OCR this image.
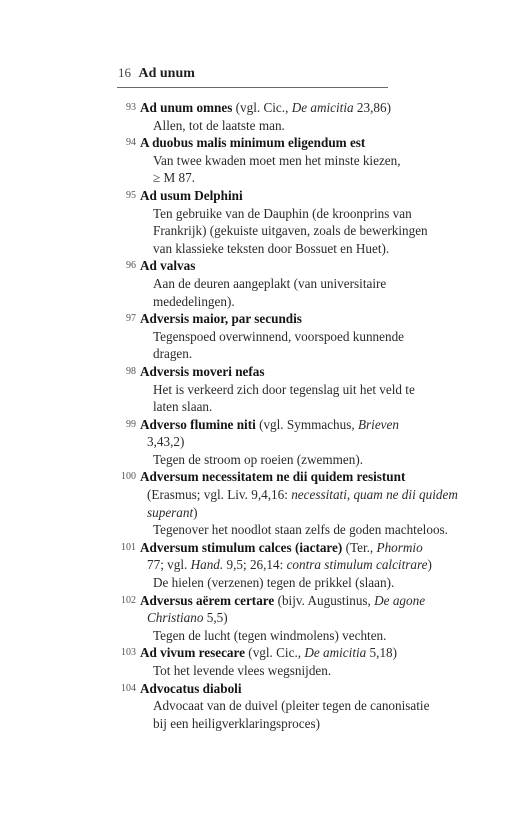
16 Ad unum
93 Ad unum omnes (vgl. Cic., De amicitia 23,86)
Allen, tot de laatste man.
94 A duobus malis minimum eligendum est
Van twee kwaden moet men het minste kiezen,
≥ M 87.
95 Ad usum Delphini
Ten gebruike van de Dauphin (de kroonprins van
Frankrijk) (gekuiste uitgaven, zoals de bewerkingen
van klassieke teksten door Bossuet en Huet).
96 Ad valvas
Aan de deuren aangeplakt (van universitaire
mededelingen).
97 Adversis maior, par secundis
Tegenspoed overwinnend, voorspoed kunnende
dragen.
98 Adversis moveri nefas
Het is verkeerd zich door tegenslag uit het veld te
laten slaan.
99 Adverso flumine niti (vgl. Symmachus, Brieven
3,43,2)
Tegen de stroom op roeien (zwemmen).
100 Adversum necessitatem ne dii quidem resistunt
(Erasmus; vgl. Liv. 9,4,16: necessitati, quam ne dii quidem
superant)
Tegenover het noodlot staan zelfs de goden machteloos.
101 Adversum stimulum calces (iactare) (Ter., Phormio
77; vgl. Hand. 9,5; 26,14: contra stimulum calcitrare)
De hielen (verzenen) tegen de prikkel (slaan).
102 Adversus aërem certare (bijv. Augustinus, De agone
Christiano 5,5)
Tegen de lucht (tegen windmolens) vechten.
103 Ad vivum resecare (vgl. Cic., De amicitia 5,18)
Tot het levende vlees wegsnijden.
104 Advocatus diaboli
Advocaat van de duivel (pleiter tegen de canonisatie
bij een heiligverklaringsproces)
